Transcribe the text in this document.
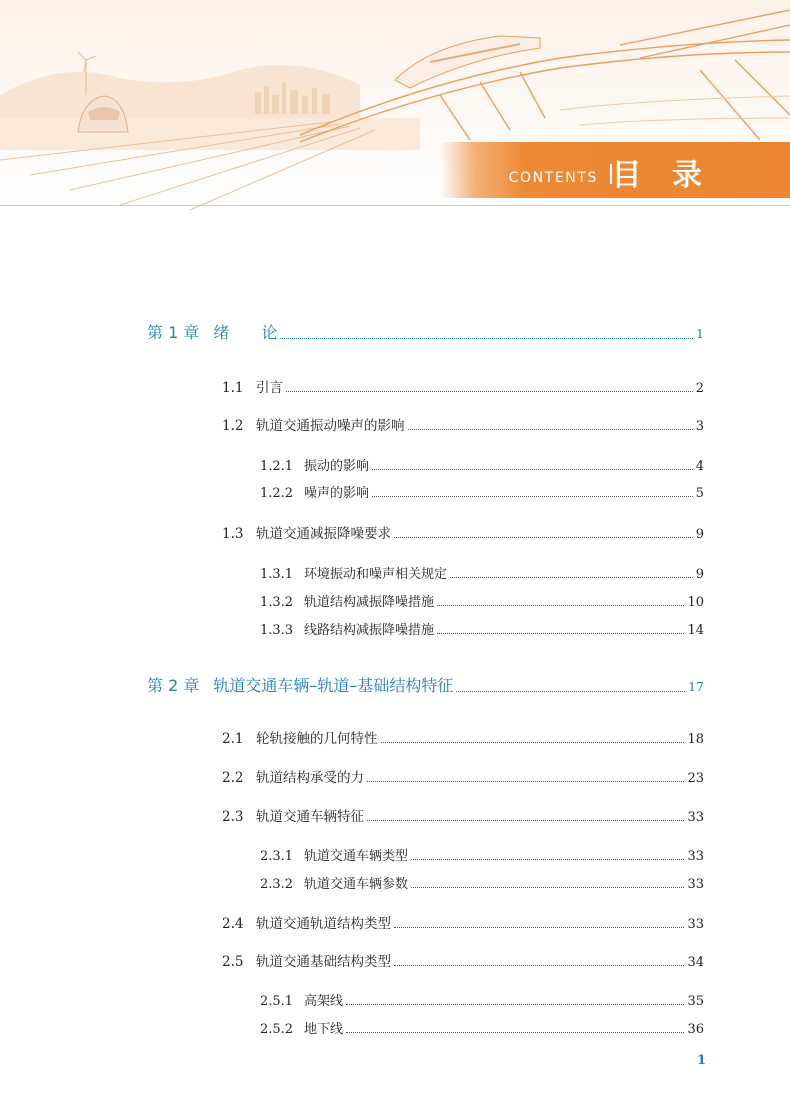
CONTENTS 目 录
第 1 章 绪　　论	1
1.1 引言	2
1.2 轨道交通振动噪声的影响	3
1.2.1 振动的影响	4
1.2.2 噪声的影响	5
1.3 轨道交通减振降噪要求	9
1.3.1 环境振动和噪声相关规定	9
1.3.2 轨道结构减振降噪措施	10
1.3.3 线路结构减振降噪措施	14
第 2 章 轨道交通车辆–轨道–基础结构特征	17
2.1 轮轨接触的几何特性	18
2.2 轨道结构承受的力	23
2.3 轨道交通车辆特征	33
2.3.1 轨道交通车辆类型	33
2.3.2 轨道交通车辆参数	33
2.4 轨道交通轨道结构类型	33
2.5 轨道交通基础结构类型	34
2.5.1 高架线	35
2.5.2 地下线	36
1
